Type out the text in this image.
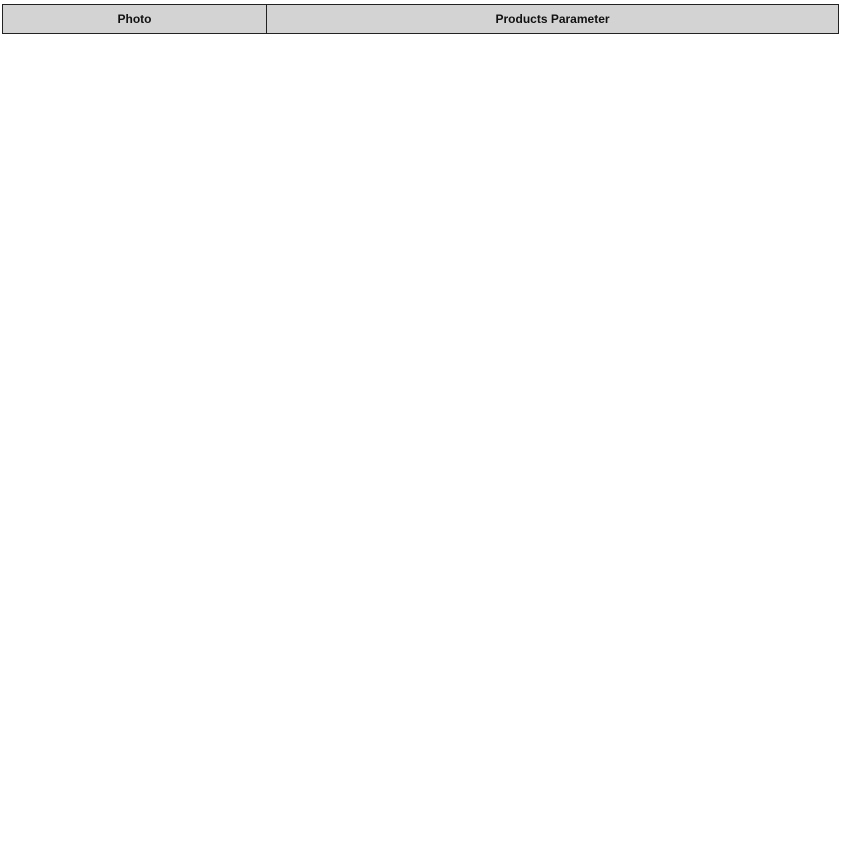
Photo	Products Parameter
